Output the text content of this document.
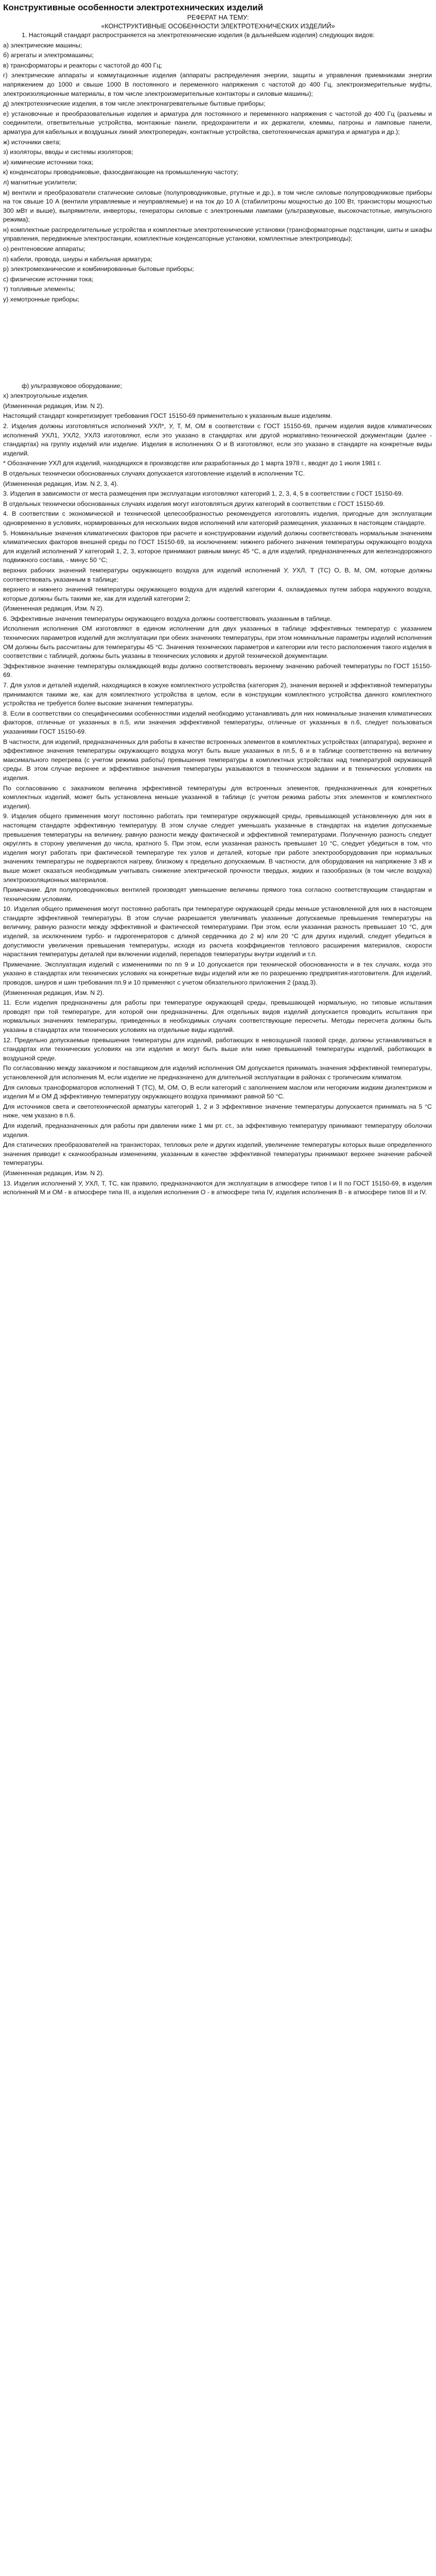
Конструктивные особенности электротехнических изделий
РЕФЕРАТ НА ТЕМУ:
«КОНСТРУКТИВНЫЕ ОСОБЕННОСТИ ЭЛЕКТРОТЕХНИЧЕСКИХ ИЗДЕЛИЙ»
1. Настоящий стандарт распространяется на электротехнические изделия (в дальнейшем изделия) следующих видов:
а) электрические машины;
б) агрегаты и электромашины;
в) трансформаторы и реакторы с частотой до 400 Гц;
г) электрические аппараты и коммутационные изделия (аппараты распределения энергии, защиты и управления приемниками энергии напряжением до 1000 и свыше 1000 В постоянного и переменного напряжения с частотой до 400 Гц, электроизмерительные муфты, электроизоляционные материалы, в том числе электроизмерительные контакторы и силовые машины);
д) электротехнические изделия, в том числе электронагревательные бытовые приборы;
е) установочные и преобразовательные изделия и арматура для постоянного и переменного напряжения с частотой до 400 Гц (разъемы и соединители, ответвительные устройства, монтажные панели, предохранители и их держатели, клеммы, патроны и ламповые панели, арматура для кабельных и воздушных линий электропередач, контактные устройства, светотехническая арматура и арматура и др.);
ж) источники света;
з) изоляторы, вводы и системы изоляторов;
и) химические источники тока;
к) конденсаторы проводниковые, фазосдвигающие на промышленную частоту;
л) магнитные усилители;
м) вентили и преобразователи статические силовые (полупроводниковые, ртутные и др.), в том числе силовые полупроводниковые приборы на ток свыше 10 А (вентили управляемые и неуправляемые) и на ток до 10 А (стабилитроны мощностью до 100 Вт, транзисторы мощностью 300 мВт и выше), выпрямители, инверторы, генераторы силовые с электронными лампами (ультразвуковые, высокочастотные, импульсного режима);
н) комплектные распределительные устройства и комплектные электротехнические установки (трансформаторные подстанции, шиты и шкафы управления, передвижные электростанции, комплектные конденсаторные установки, комплектные электроприводы);
о) рентгеновские аппараты;
п) кабели, провода, шнуры и кабельная арматура;
р) электромеханические и комбинированные бытовые приборы;
с) физические источники тока;
т) топливные элементы;
у) хемотронные приборы;
ф) ультразвуковое оборудование;
х) электроугольные изделия.
(Измененная редакция, Изм. N 2).
Настоящий стандарт конкретизирует требования ГОСТ 15150-69 применительно к указанным выше изделиям.
2. Изделия должны изготовляться исполнений УХЛ*, У, Т, М, ОМ в соответствии с ГОСТ 15150-69, причем изделия видов климатических исполнений УХЛ1, УХЛ2, УХЛ3 изготовляют, если это указано в стандартах или другой нормативно-технической документации (далее - стандартах) на группу изделий или изделие. Изделия в исполнениях О и В изготовляют, если это указано в стандарте на конкретные виды изделий.
* Обозначение УХЛ для изделий, находящихся в производстве или разработанных до 1 марта 1978 г., вводят до 1 июля 1981 г.
В отдельных технически обоснованных случаях допускается изготовление изделий в исполнении ТС.
(Измененная редакция, Изм. N 2, 3, 4).
3. Изделия в зависимости от места размещения при эксплуатации изготовляют категорий 1, 2, 3, 4, 5 в соответствии с ГОСТ 15150-69.
В отдельных технически обоснованных случаях изделия могут изготовляться других категорий в соответствии с ГОСТ 15150-69.
4. В соответствии с экономической и технической целесообразностью рекомендуется изготовлять изделия, пригодные для эксплуатации одновременно в условиях, нормированных для нескольких видов исполнений или категорий размещения, указанных в настоящем стандарте.
5. Номинальные значения климатических факторов при расчете и конструировании изделий должны соответствовать нормальным значениям климатических факторов внешней среды по ГОСТ 15150-69, за исключением: нижнего рабочего значения температуры окружающего воздуха для изделий исполнений У категорий 1, 2, 3, которое принимают равным минус 45 °С, а для изделий, предназначенных для железнодорожного подвижного состава, - минус 50 °С;
верхних рабочих значений температуры окружающего воздуха для изделий исполнений У, УХЛ, Т (ТС) О, В, М, ОМ, которые должны соответствовать указанным в таблице;
верхнего и нижнего значений температуры окружающего воздуха для изделий категории 4, охлаждаемых путем забора наружного воздуха, которые должны быть такими же, как для изделий категории 2;
(Измененная редакция, Изм. N 2).
6. Эффективные значения температуры окружающего воздуха должны соответствовать указанным в таблице.
Исполнения исполнения ОМ изготовляют в едином исполнении для двух указанных в таблице эффективных температур с указанием технических параметров изделий для эксплуатации при обеих значениях температуры, при этом номинальные параметры изделий исполнения ОМ должны быть рассчитаны для температуры 45 °С. Значения технических параметров и категории или тесто расположения такого изделия в соответствии с таблицей, должны быть указаны в технических условиях и другой технической документации.
Эффективное значение температуры охлаждающей воды должно соответствовать верхнему значению рабочей температуры по ГОСТ 15150-69.
7. Для узлов и деталей изделий, находящихся в кожухе комплектного устройства (категория 2), значения верхней и эффективной температуры принимаются такими же, как для комплектного устройства в целом, если в конструкции комплектного устройства данного комплектного устройства не требуется более высокие значения температуры.
8. Если в соответствии со специфическими особенностями изделий необходимо устанавливать для них номинальные значения климатических факторов, отличные от указанных в п.5, или значения эффективной температуры, отличные от указанных в п.6, следует пользоваться указаниями ГОСТ 15150-69.
В частности, для изделий, предназначенных для работы в качестве встроенных элементов в комплектных устройствах (аппаратура), верхнее и эффективное значения температуры окружающего воздуха могут быть выше указанных в пп.5, 6 и в таблице соответственно на величину максимального перегрева (с учетом режима работы) превышения температуры в комплектных устройствах над температурой окружающей среды. В этом случае верхнее и эффективное значения температуры указываются в техническом задании и в технических условиях на изделия.
По согласованию с заказчиком величина эффективной температуры для встроенных элементов, предназначенных для конкретных комплектных изделий, может быть установлена меньше указанной в таблице (с учетом режима работы этих элементов и комплектного изделия).
9. Изделия общего применения могут постоянно работать при температуре окружающей среды, превышающей установленную для них в настоящем стандарте эффективную температуру. В этом случае следует уменьшать указанные в стандартах на изделия допускаемые превышения температуры на величину, равную разности между фактической и эффективной температурами. Полученную разность следует округлять в сторону увеличения до числа, кратного 5. При этом, если указанная разность превышает 10 °С, следует убедиться в том, что изделия могут работать при фактической температуре тех узлов и деталей, которые при работе электрооборудования при нормальных значениях температуры не подвергаются нагреву, близкому к предельно допускаемым. В частности, для оборудования на напряжение 3 кВ и выше может оказаться необходимым учитывать снижение электрической прочности твердых, жидких и газообразных (в том числе воздуха) электроизоляционных материалов.
Примечание. Для полупроводниковых вентилей производят уменьшение величины прямого тока согласно соответствующим стандартам и техническим условиям.
10. Изделия общего применения могут постоянно работать при температуре окружающей среды меньше установленной для них в настоящем стандарте эффективной температуры. В этом случае разрешается увеличивать указанные допускаемые превышения температуры на величину, равную разности между эффективной и фактической температурами. При этом, если указанная разность превышает 10 °С, для изделий, за исключением турбо- и гидрогенераторов с длиной сердечника до 2 м) или 20 °С для других изделий, следует убедиться в допустимости увеличения превышения температуры, исходя из расчета коэффициентов теплового расширения материалов, скорости нарастания температуры деталей при включении изделий, перепадов температуры внутри изделий и т.п.
Примечание. Эксплуатация изделий с изменениями по пп 9 и 10 допускается при технической обоснованности и в тех случаях, когда это указано в стандартах или технических условиях на конкретные виды изделий или же по разрешению предприятия-изготовителя. Для изделий, проводов, шнуров и шин требования пп.9 и 10 применяют с учетом обязательного приложения 2 (разд.3).
(Измененная редакция, Изм. N 2).
11. Если изделия предназначены для работы при температуре окружающей среды, превышающей нормальную, но типовые испытания проводят при той температуре, для которой они предназначены. Для отдельных видов изделий допускается проводить испытания при нормальных значениях температуры, приведенных в необходимых случаях соответствующие пересчеты. Методы пересчета должны быть указаны в стандартах или технических условиях на отдельные виды изделий.
12. Предельно допускаемые превышения температуры для изделий, работающих в невозцушной газовой среде, должны устанавливаться в стандартах или технических условиях на эти изделия и могут быть выше или ниже превышений температуры изделий, работающих в воздушной среде.
По согласованию между заказчиком и поставщиком для изделий исполнения ОМ допускается принимать значения эффективной температуры, установленной для исполнения М, если изделие не предназначено для длительной эксплуатации в районах с тропическим климатом.
Для силовых трансформаторов исполнений Т (ТС), М, ОМ, О, В если категорий с заполнением маслом или негорючим жидким диэлектриком и изделия М и ОМ Д эффективную температуру окружающего воздуха принимают равной 50 °С.
Для источников света и светотехнической арматуры категорий 1, 2 и 3 эффективное значение температуры допускается принимать на 5 °С ниже, чем указано в п.6.
Для изделий, предназначенных для работы при давлении ниже 1 мм рт. ст., за эффективную температуру принимают температуру оболочки изделия.
Для статических преобразователей на транзисторах, тепловых реле и других изделий, увеличение температуры которых выше определенного значения приводит к скачкообразным изменениям, указанным в качестве эффективной температуры принимают верхнее значение рабочей температуры.
(Измененная редакция, Изм. N 2).
13. Изделия исполнений У, УХЛ, Т, ТС, как правило, предназначаются для эксплуатации в атмосфере типов I и II по ГОСТ 15150-69, в изделия исполнений М и ОМ - в атмосфере типа III, а изделия исполнения О - в атмосфере типа IV, изделия исполнения В - в атмосфере типов III и IV.
